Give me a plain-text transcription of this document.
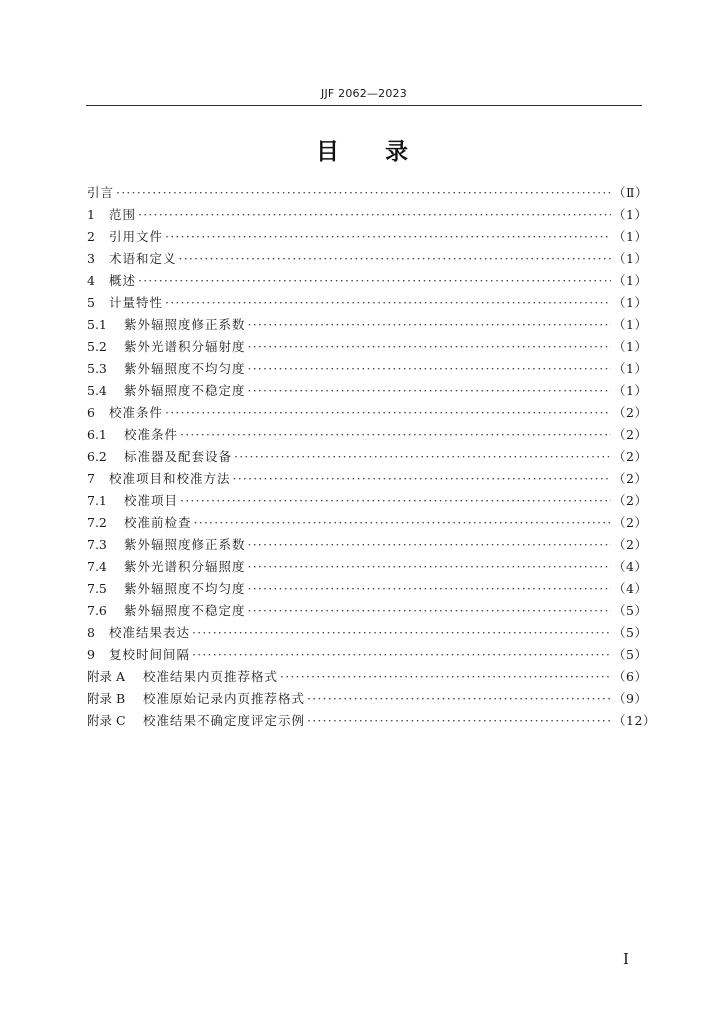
JJF 2062—2023
目 录
引言 ·····	（Ⅱ）
1	范围 ·····	（1）
2	引用文件 ·····	（1）
3	术语和定义 ·····	（1）
4	概述 ·····	（1）
5	计量特性 ·····	（1）
5.1	紫外辐照度修正系数 ·····	（1）
5.2	紫外光谱积分辐射度 ·····	（1）
5.3	紫外辐照度不均匀度 ·····	（1）
5.4	紫外辐照度不稳定度 ·····	（1）
6	校准条件 ·····	（2）
6.1	校准条件 ·····	（2）
6.2	标准器及配套设备 ·····	（2）
7	校准项目和校准方法 ·····	（2）
7.1	校准项目 ·····	（2）
7.2	校准前检查 ·····	（2）
7.3	紫外辐照度修正系数 ·····	（2）
7.4	紫外光谱积分辐照度 ·····	（4）
7.5	紫外辐照度不均匀度 ·····	（4）
7.6	紫外辐照度不稳定度 ·····	（5）
8	校准结果表达 ·····	（5）
9	复校时间间隔 ·····	（5）
附录 A	校准结果内页推荐格式 ·····	（6）
附录 B	校准原始记录内页推荐格式 ·····	（9）
附录 C	校准结果不确定度评定示例 ·····	（12）
I
